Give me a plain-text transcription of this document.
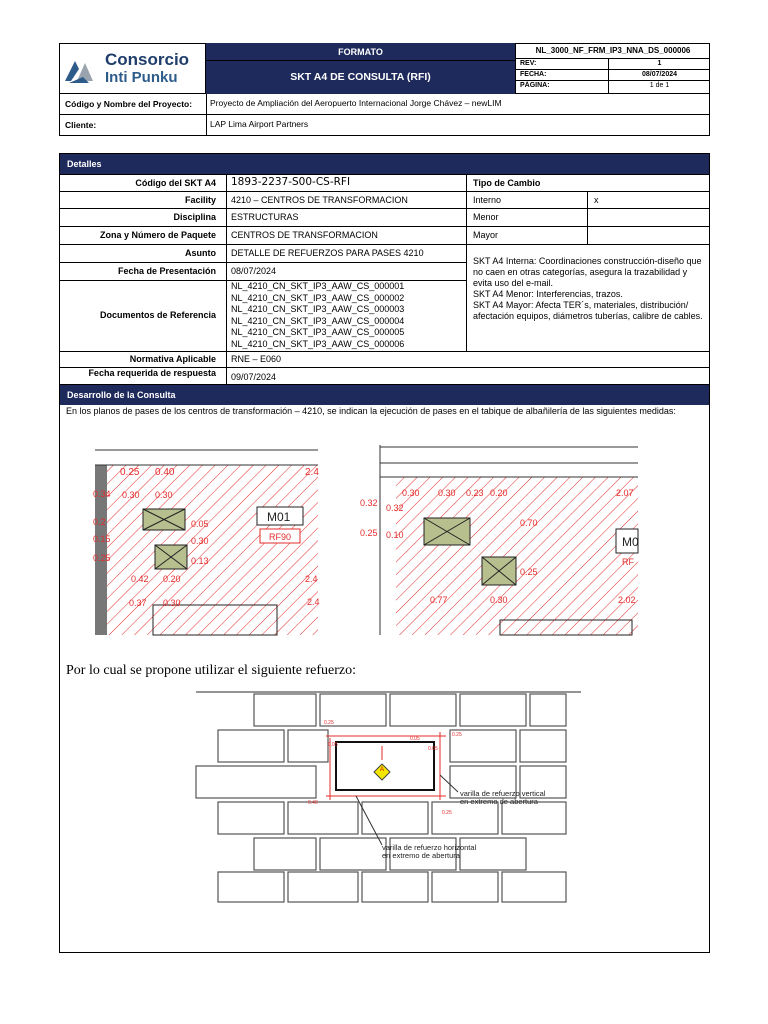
Consorcio
Inti Punku
FORMATO
SKT A4 DE CONSULTA (RFI)
NL_3000_NF_FRM_IP3_NNA_DS_000006
REV:	1
FECHA:	08/07/2024
PÁGINA:	1 de 1
Código y Nombre del Proyecto:	Proyecto de Ampliación del Aeropuerto Internacional Jorge Chávez – newLIM
Cliente:	LAP Lima Airport Partners
Detalles
Código del SKT A4 1893-2237-S00-CS-RFI	Tipo de Cambio
Facility 4210 – CENTROS DE TRANSFORMACION	Interno	x
Disciplina ESTRUCTURAS	Menor
Zona y Número de Paquete CENTROS DE TRANSFORMACION	Mayor
Asunto DETALLE DE REFUERZOS PARA PASES 4210
Fecha de Presentación 08/07/2024
Documentos de Referencia
NL_4210_CN_SKT_IP3_AAW_CS_000001
NL_4210_CN_SKT_IP3_AAW_CS_000002
NL_4210_CN_SKT_IP3_AAW_CS_000003
NL_4210_CN_SKT_IP3_AAW_CS_000004
NL_4210_CN_SKT_IP3_AAW_CS_000005
NL_4210_CN_SKT_IP3_AAW_CS_000006
SKT A4 Interna: Coordinaciones construcción-diseño que no caen en otras categorías, asegura la trazabilidad y evita uso del e-mail.
SKT A4 Menor: Interferencias, trazos.
SKT A4 Mayor: Afecta TER´s, materiales, distribución/ afectación equipos, diámetros tuberías, calibre de cables.
Normativa Aplicable RNE – E060
Fecha requerida de respuesta 09/07/2024
Desarrollo de la Consulta
En los planos de pases de los centros de transformación – 4210, se indican la ejecución de pases en el tabique de albañilería de las siguientes medidas:
0.25 0.40	2.4
0.30 0.30
0.34
0.2
0.15
0.25
0.05
0.30
0.13
0.42 0.20
0.37 0.30
2.4
2.4
M01
RF90
0.30 0.30 0.23 0.20	2.07
0.32 0.32
0.25 0.10
0.70
0.25
0.77	0.30	2.02
M0
RF
Por lo cual se propone utilizar el siguiente refuerzo:
A
0.25
0.05
0.05
0.05
0.25
0.40
0.25
varilla de refuerzo vertical
en extremo de abertura
varilla de refuerzo horizontal
en extremo de abertura
